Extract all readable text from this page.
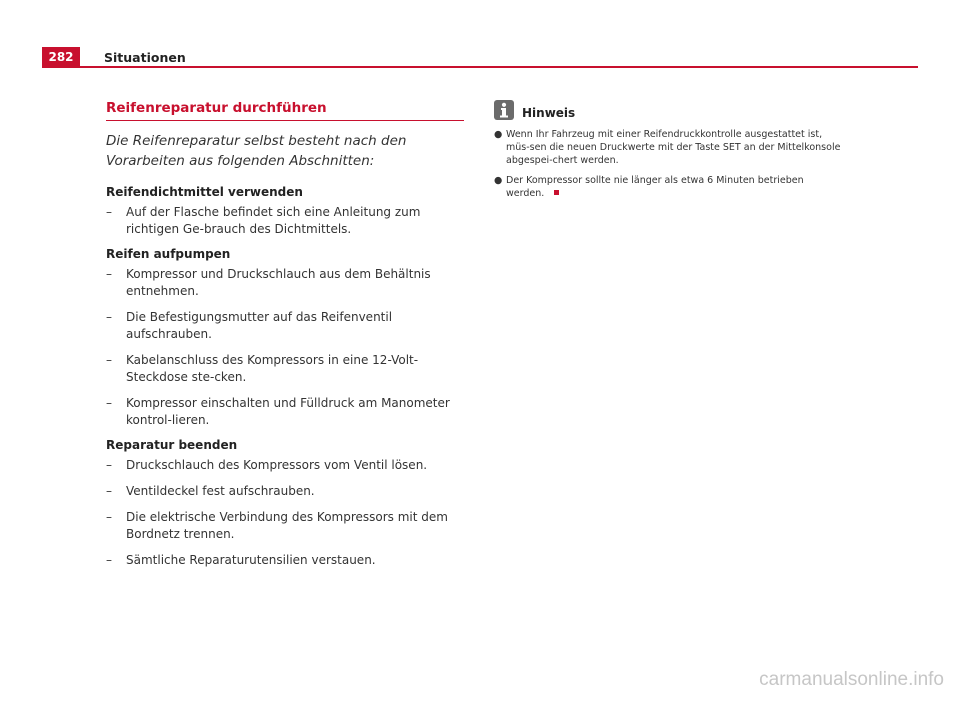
282	Situationen
Reifenreparatur durchführen

Die Reifenreparatur selbst besteht nach den Vorarbeiten aus folgenden Abschnitten:

Reifendichtmittel verwenden

– Auf der Flasche befindet sich eine Anleitung zum richtigen Ge-brauch des Dichtmittels.

Reifen aufpumpen

– Kompressor und Druckschlauch aus dem Behältnis entnehmen.

– Die Befestigungsmutter auf das Reifenventil aufschrauben.

– Kabelanschluss des Kompressors in eine 12-Volt-Steckdose ste-cken.

– Kompressor einschalten und Fülldruck am Manometer kontrol-lieren.

Reparatur beenden

– Druckschlauch des Kompressors vom Ventil lösen.

– Ventildeckel fest aufschrauben.

– Die elektrische Verbindung des Kompressors mit dem Bordnetz trennen.

– Sämtliche Reparaturutensilien verstauen.

Hinweis

● Wenn Ihr Fahrzeug mit einer Reifendruckkontrolle ausgestattet ist, müs-sen die neuen Druckwerte mit der Taste SET an der Mittelkonsole abgespei-chert werden.

● Der Kompressor sollte nie länger als etwa 6 Minuten betrieben werden.

carmanualsonline.info
